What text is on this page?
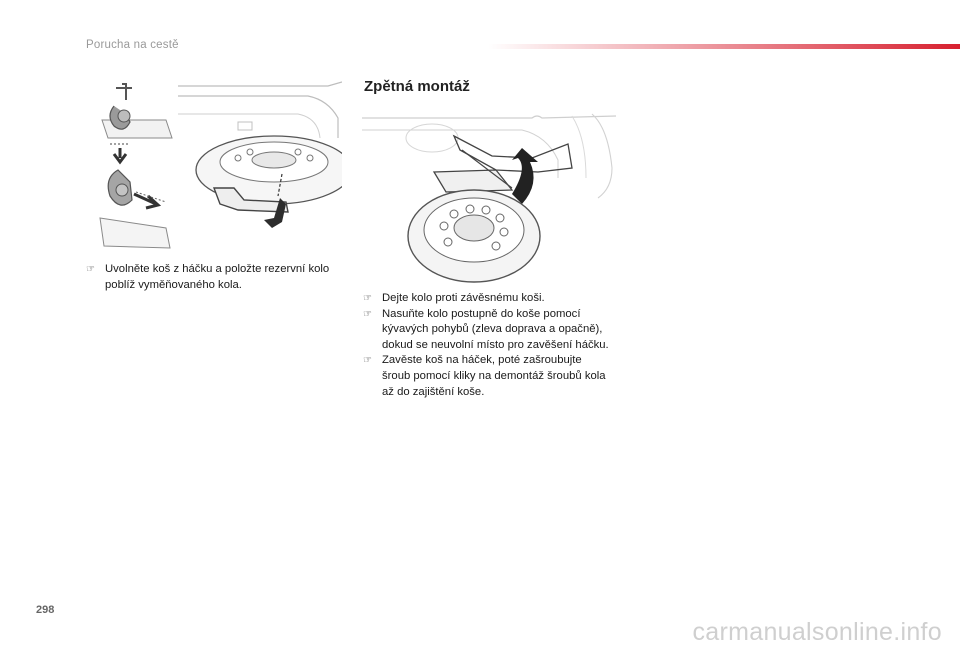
Porucha na cestě
Zpětná montáž
☞ Uvolněte koš z háčku a položte rezervní kolo poblíž vyměňovaného kola.
☞ Dejte kolo proti závěsnému koši.
☞ Nasuňte kolo postupně do koše pomocí kývavých pohybů (zleva doprava a opačně), dokud se neuvolní místo pro zavěšení háčku.
☞ Zavěste koš na háček, poté zašroubujte šroub pomocí kliky na demontáž šroubů kola až do zajištění koše.
298
carmanualsonline.info
